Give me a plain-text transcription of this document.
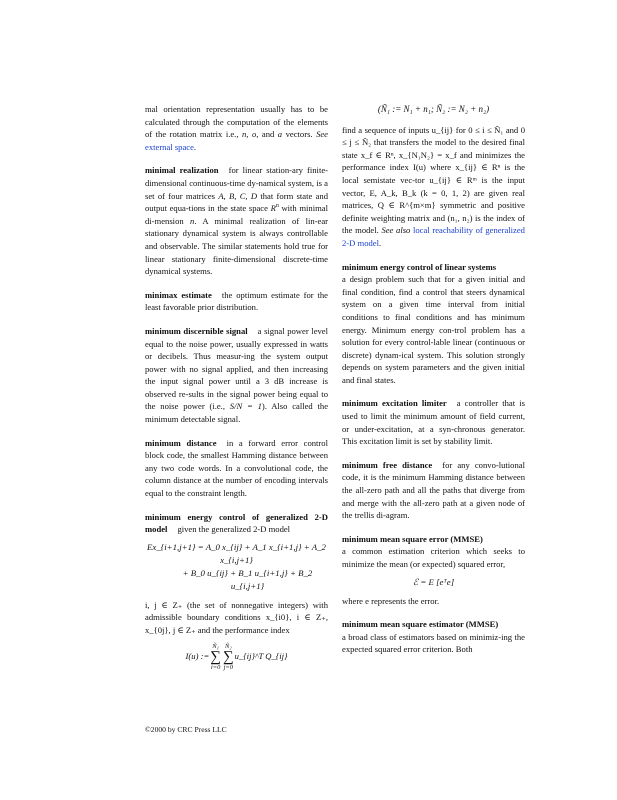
mal orientation representation usually has to be calculated through the computation of the elements of the rotation matrix i.e., n, o, and a vectors. See external space.

minimal realization for linear station-ary finite-dimensional continuous-time dy-namical system, is a set of four matrices A, B, C, D that form state and output equa-tions in the state space $R^n$ with minimal di-mension n. A minimal realization of lin-ear stationary dynamical system is always controllable and observable. The similar statements hold true for linear stationary finite-dimensional discrete-time dynamical systems.

minimax estimate the optimum estimate for the least favorable prior distribution.

minimum discernible signal a signal power level equal to the noise power, usually expressed in watts or decibels. Thus measur-ing the system output power with no signal applied, and then increasing the input signal power until a 3 dB increase is observed re-sults in the signal power being equal to the noise power (i.e., S/N = 1). Also called the minimum detectable signal.

minimum distance in a forward error control block code, the smallest Hamming distance between any two code words. In a convolutional code, the column distance at the number of encoding intervals equal to the constraint length.

minimum energy control of generalized 2-D model given the generalized 2-D model
Ex_{i+1,j+1} = A_0 x_{ij} + A_1 x_{i+1,j} + A_2 x_{i,j+1}
+ B_0 u_{ij} + B_1 u_{i+1,j} + B_2 u_{i,j+1}
i, j ∈ Z₊ (the set of nonnegative integers) with admissible boundary conditions x_{i0}, i ∈ Z₊, x_{0j}, j ∈ Z₊ and the performance index
I(u) :=
Ñ₁
∑
i=0
Ñ₂
∑
j=0
u_{ij}^T Q_{ij}
(Ñ₁ := N₁ + n₁; Ñ₂ := N₂ + n₂)

find a sequence of inputs u_{ij} for 0 ≤ i ≤ Ñ₁ and 0 ≤ j ≤ Ñ₂ that transfers the model to the desired final state x_f ∈ Rⁿ, x_{N₁N₂} = x_f and minimizes the performance index I(u) where x_{ij} ∈ Rⁿ is the local semistate vec-tor u_{ij} ∈ Rᵐ is the input vector, E, A_k, B_k (k = 0, 1, 2) are given real matrices, Q ∈ R^{m×m} symmetric and positive definite weighting matrix and (n₁, n₂) is the index of the model. See also local reachability of generalized 2-D model.

minimum energy control of linear systems
a design problem such that for a given initial and final condition, find a control that steers dynamical system on a given time interval from initial conditions to final conditions and has minimum energy. Minimum energy con-trol problem has a solution for every control-lable linear (continuous or discrete) dynam-ical system. This solution strongly depends on system parameters and the given initial and final states.

minimum excitation limiter a controller that is used to limit the minimum amount of field current, or under-excitation, at a syn-chronous generator. This excitation limit is set by stability limit.

minimum free distance for any convo-lutional code, it is the minimum Hamming distance between the all-zero path and all the paths that diverge from and merge with the all-zero path at a given node of the trellis di-agram.

minimum mean square error (MMSE)
a common estimation criterion which seeks to minimize the mean (or expected) squared error,
ℰ = E [eᵀe]
where e represents the error.

minimum mean square estimator (MMSE)
a broad class of estimators based on minimiz-ing the expected squared error criterion. Both

©2000 by CRC Press LLC
